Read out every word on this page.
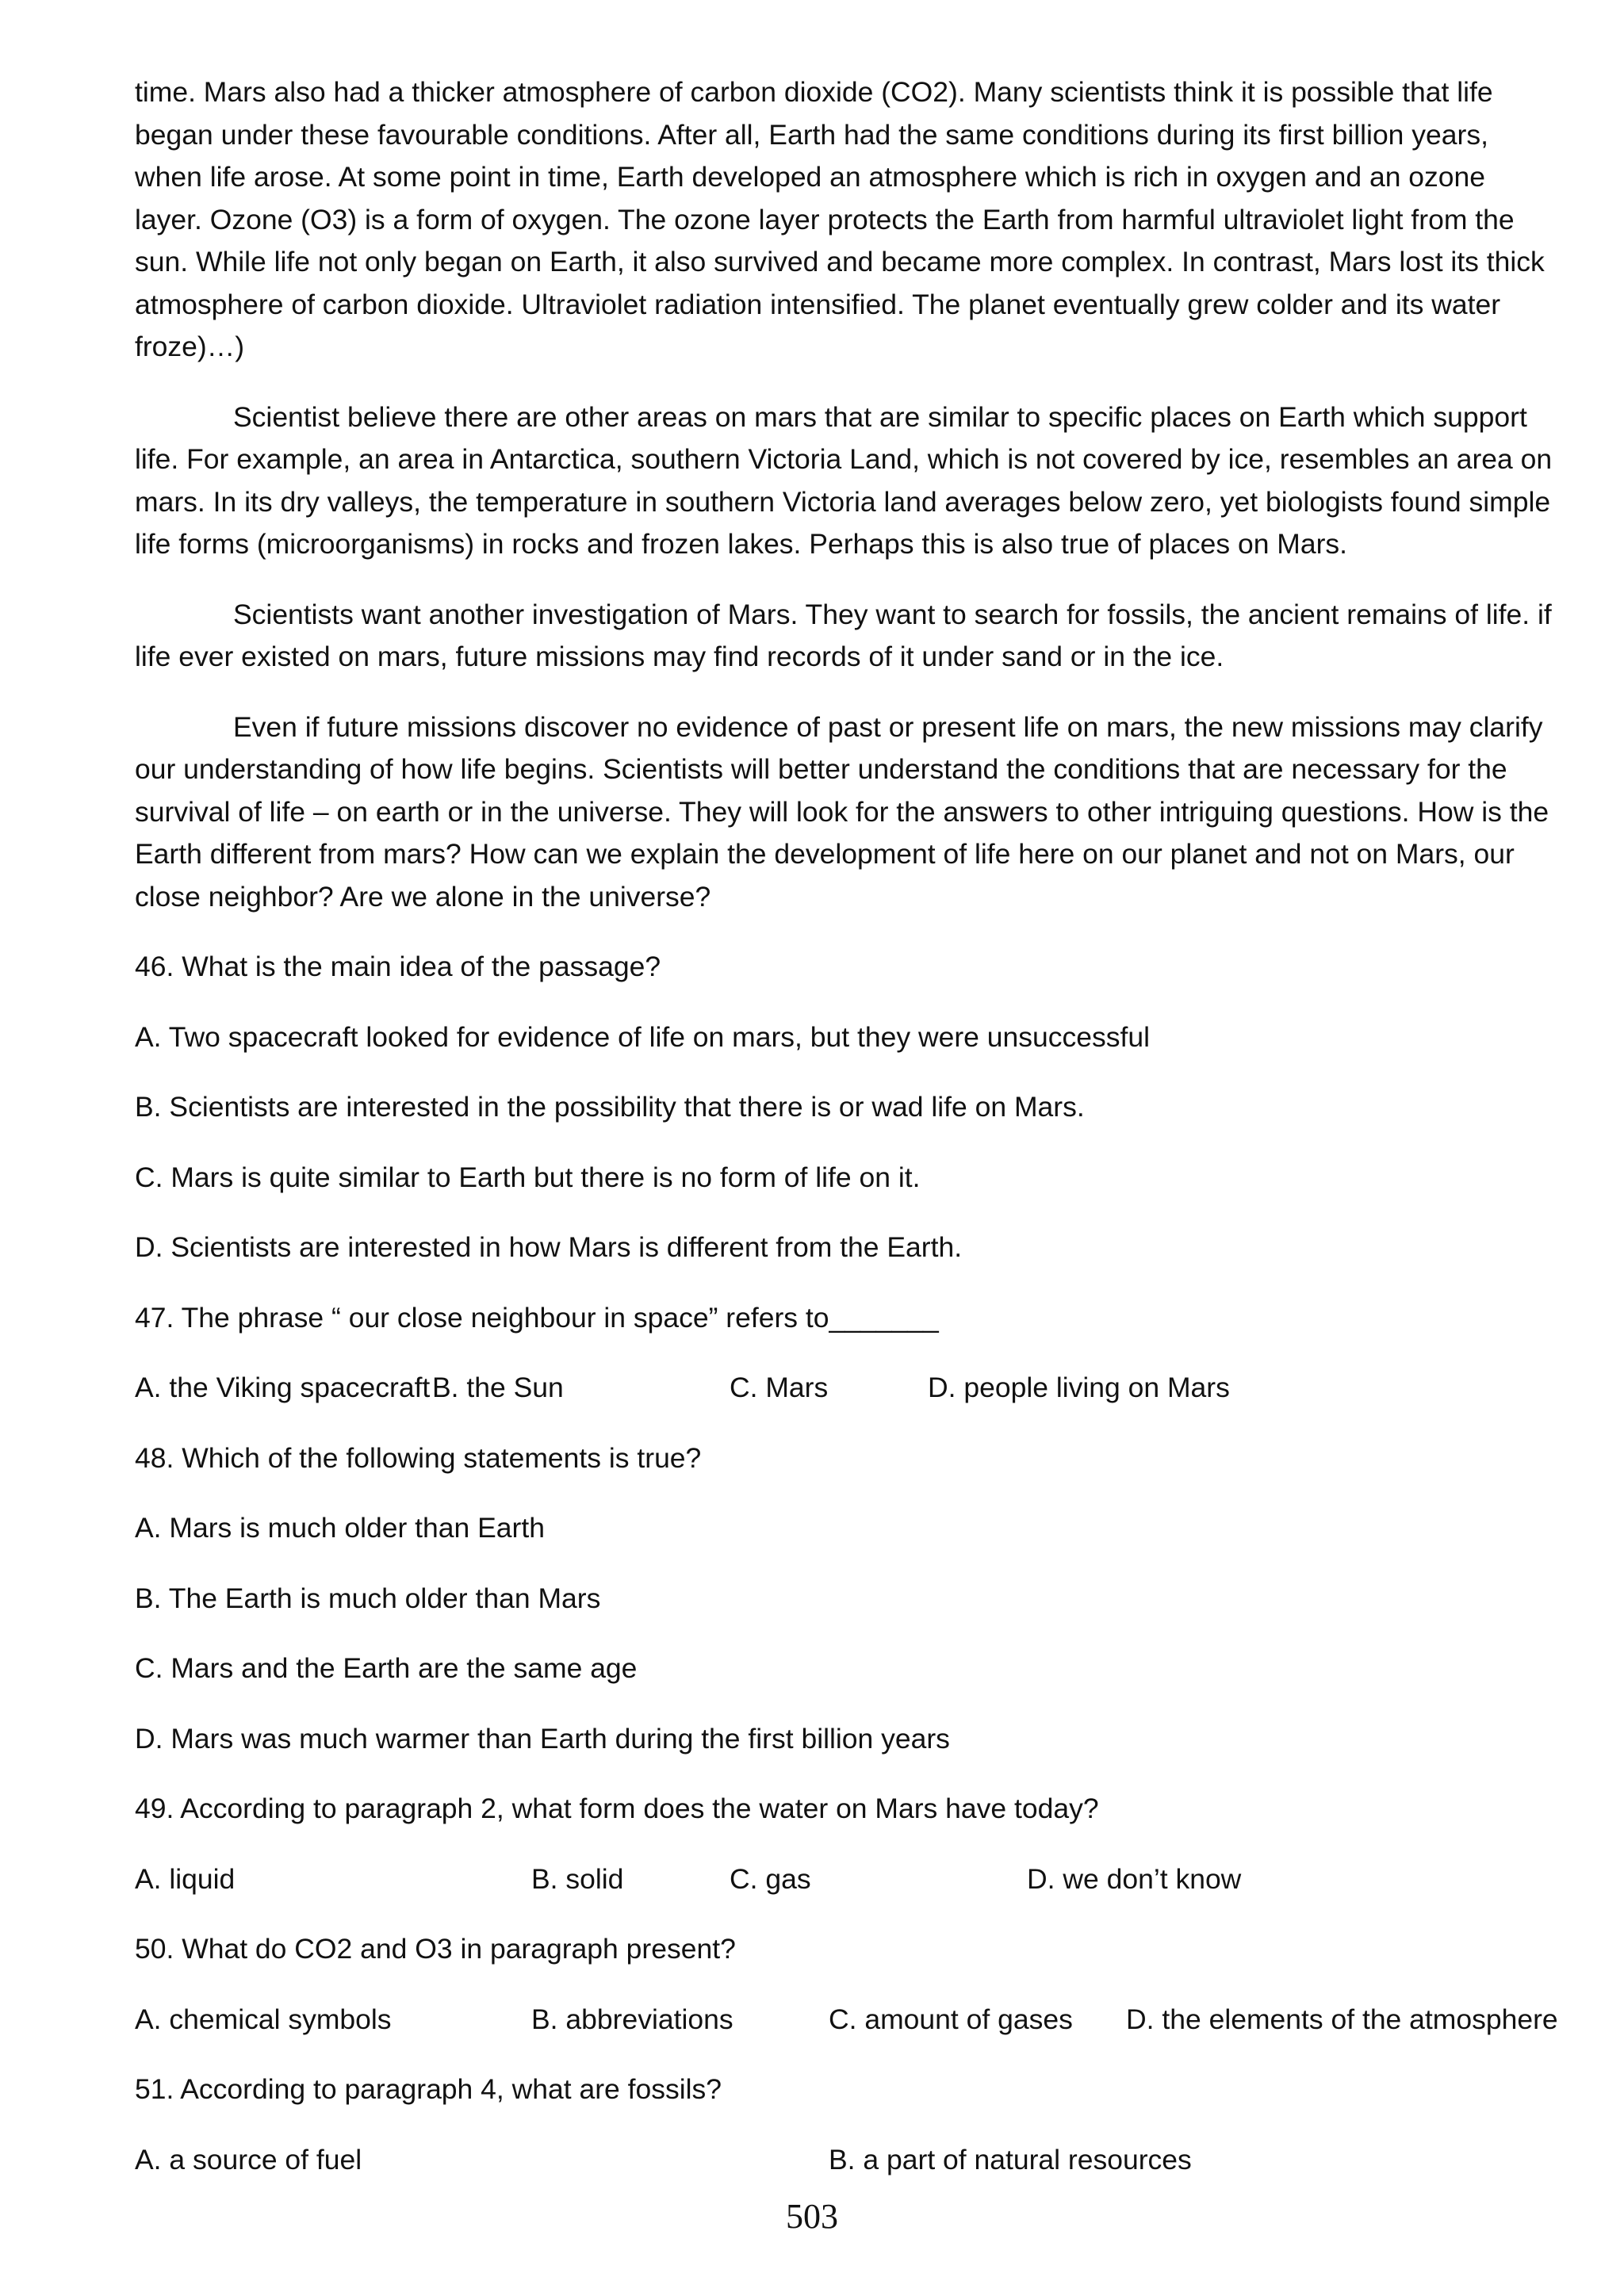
time. Mars also had a thicker atmosphere of carbon dioxide (CO2). Many scientists think it is possible that life began under these favourable conditions. After all, Earth had the same conditions during its first billion years, when life arose. At some point in time, Earth developed an atmosphere which is rich in oxygen and an ozone layer. Ozone (O3) is a form of oxygen. The ozone layer protects the Earth from harmful ultraviolet light from the sun. While life not only began on Earth, it also survived and became more complex. In contrast, Mars lost its thick atmosphere of carbon dioxide. Ultraviolet radiation intensified. The planet eventually grew colder and its water froze)…)

Scientist believe there are other areas on mars that are similar to specific places on Earth which support life. For example, an area in Antarctica, southern Victoria Land, which is not covered by ice, resembles an area on mars. In its dry valleys, the temperature in southern Victoria land averages below zero, yet biologists found simple life forms (microorganisms) in rocks and frozen lakes. Perhaps this is also true of places on Mars.

Scientists want another investigation of Mars. They want to search for fossils, the ancient remains of life. if life ever existed on mars, future missions may find records of it under sand or in the ice.

Even if future missions discover no evidence of past or present life on mars, the new missions may clarify our understanding of how life begins. Scientists will better understand the conditions that are necessary for the survival of life – on earth or in the universe. They will look for the answers to other intriguing questions. How is the Earth different from mars? How can we explain the development of life here on our planet and not on Mars, our close neighbor? Are we alone in the universe?

46. What is the main idea of the passage?
A. Two spacecraft looked for evidence of life on mars, but they were unsuccessful
B. Scientists are interested in the possibility that there is or wad life on Mars.
C. Mars is quite similar to Earth but there is no form of life on it.
D. Scientists are interested in how Mars is different from the Earth.
47. The phrase “ our close neighbour in space” refers to_______
A. the Viking spacecraft B. the Sun	C. Mars	D. people living on Mars
48. Which of the following statements is true?
A. Mars is much older than Earth
B. The Earth is much older than Mars
C. Mars and the Earth are the same age
D. Mars was much warmer than Earth during the first billion years
49. According to paragraph 2, what form does the water on Mars have today?
A. liquid	B. solid	C. gas	D. we don’t know
50. What do CO2 and O3 in paragraph present?
A. chemical symbols	B. abbreviations	C. amount of gases D. the elements of the atmosphere
51. According to paragraph 4, what are fossils?
A. a source of fuel	B. a part of natural resources
503
